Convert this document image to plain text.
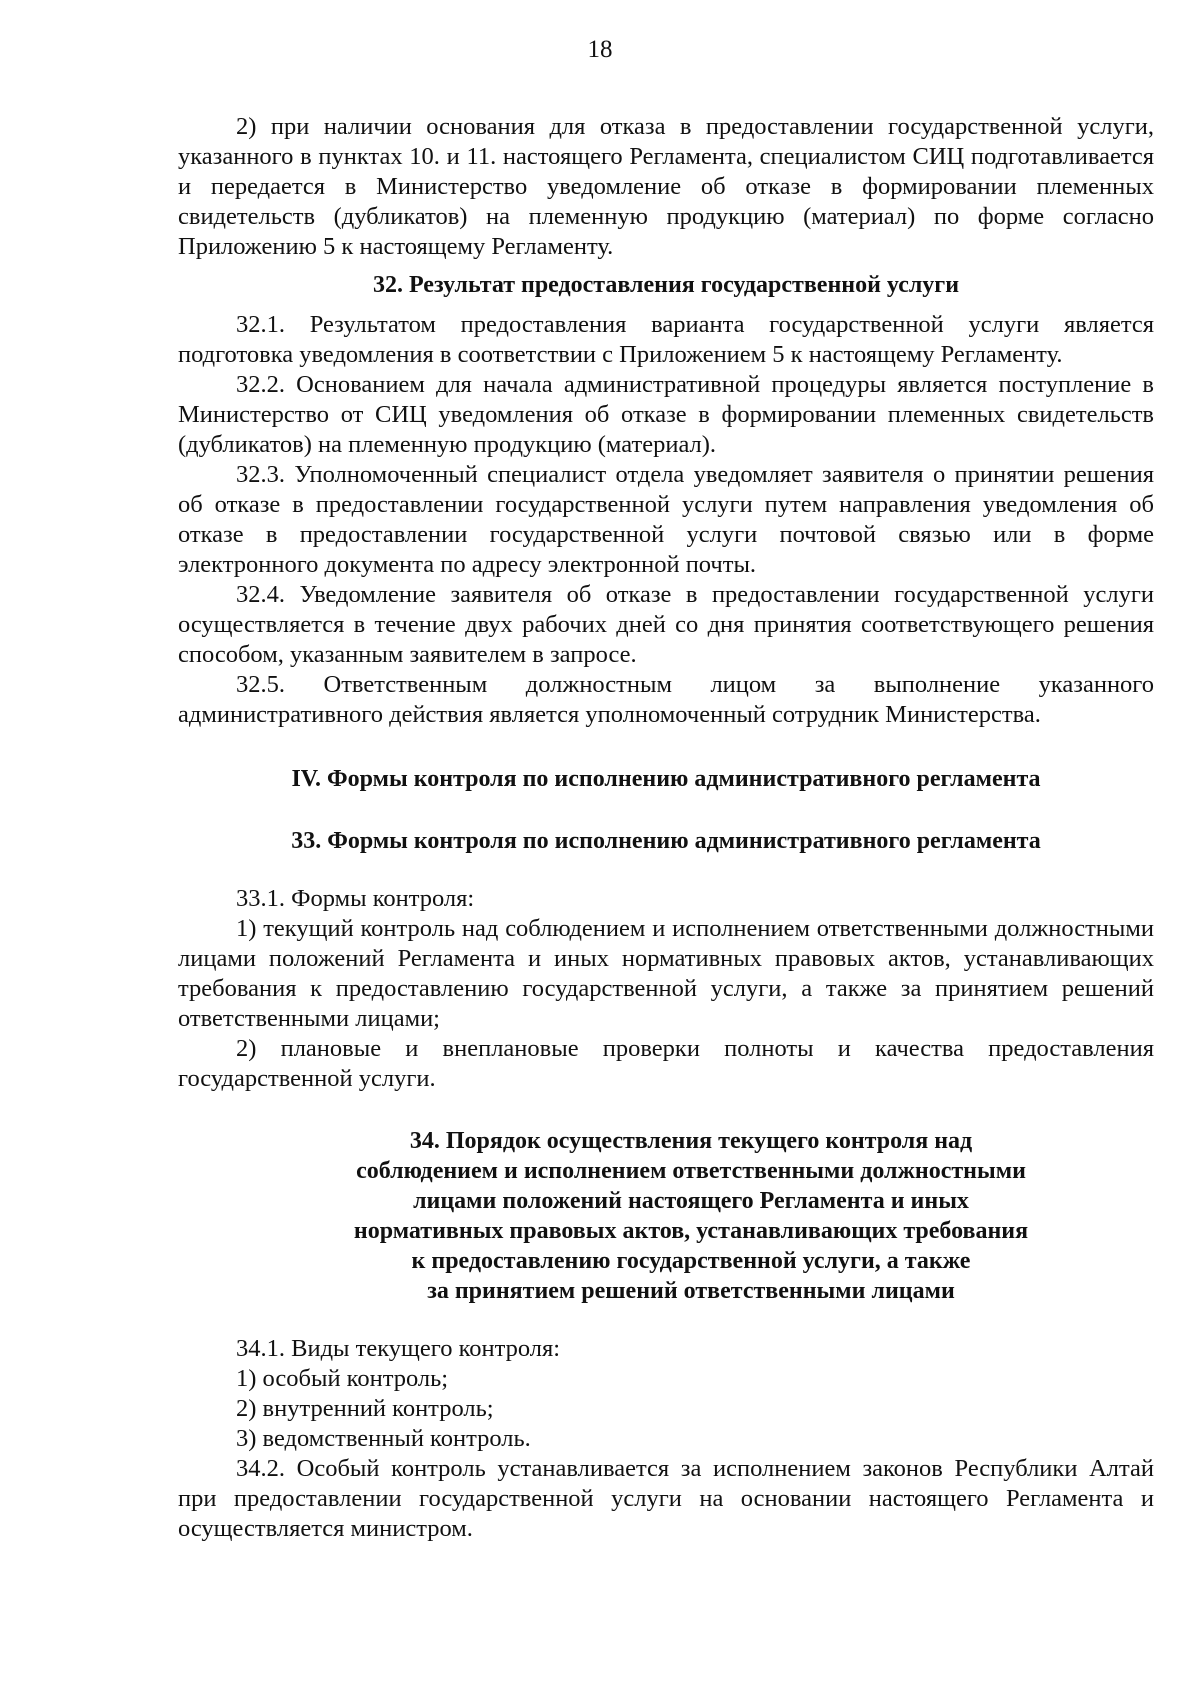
18

2) при наличии основания для отказа в предоставлении государственной услуги, указанного в пунктах 10. и 11. настоящего Регламента, специалистом СИЦ подготавливается и передается в Министерство уведомление об отказе в формировании племенных свидетельств (дубликатов) на племенную продукцию (материал) по форме согласно Приложению 5 к настоящему Регламенту.

32. Результат предоставления государственной услуги

32.1. Результатом предоставления варианта государственной услуги является подготовка уведомления в соответствии с Приложением 5 к настоящему Регламенту.

32.2. Основанием для начала административной процедуры является поступление в Министерство от СИЦ уведомления об отказе в формировании племенных свидетельств (дубликатов) на племенную продукцию (материал).

32.3. Уполномоченный специалист отдела уведомляет заявителя о принятии решения об отказе в предоставлении государственной услуги путем направления уведомления об отказе в предоставлении государственной услуги почтовой связью или в форме электронного документа по адресу электронной почты.

32.4. Уведомление заявителя об отказе в предоставлении государственной услуги осуществляется в течение двух рабочих дней со дня принятия соответствующего решения способом, указанным заявителем в запросе.

32.5. Ответственным должностным лицом за выполнение указанного административного действия является уполномоченный сотрудник Министерства.

IV. Формы контроля по исполнению административного регламента
33. Формы контроля по исполнению административного регламента

33.1. Формы контроля:

1) текущий контроль над соблюдением и исполнением ответственными должностными лицами положений Регламента и иных нормативных правовых актов, устанавливающих требования к предоставлению государственной услуги, а также за принятием решений ответственными лицами;

2) плановые и внеплановые проверки полноты и качества предоставления государственной услуги.

34. Порядок осуществления текущего контроля над
соблюдением и исполнением ответственными должностными
лицами положений настоящего Регламента и иных
нормативных правовых актов, устанавливающих требования
к предоставлению государственной услуги, а также
за принятием решений ответственными лицами

34.1. Виды текущего контроля:

1) особый контроль;

2) внутренний контроль;

3) ведомственный контроль.

34.2. Особый контроль устанавливается за исполнением законов Республики Алтай при предоставлении государственной услуги на основании настоящего Регламента и осуществляется министром.
